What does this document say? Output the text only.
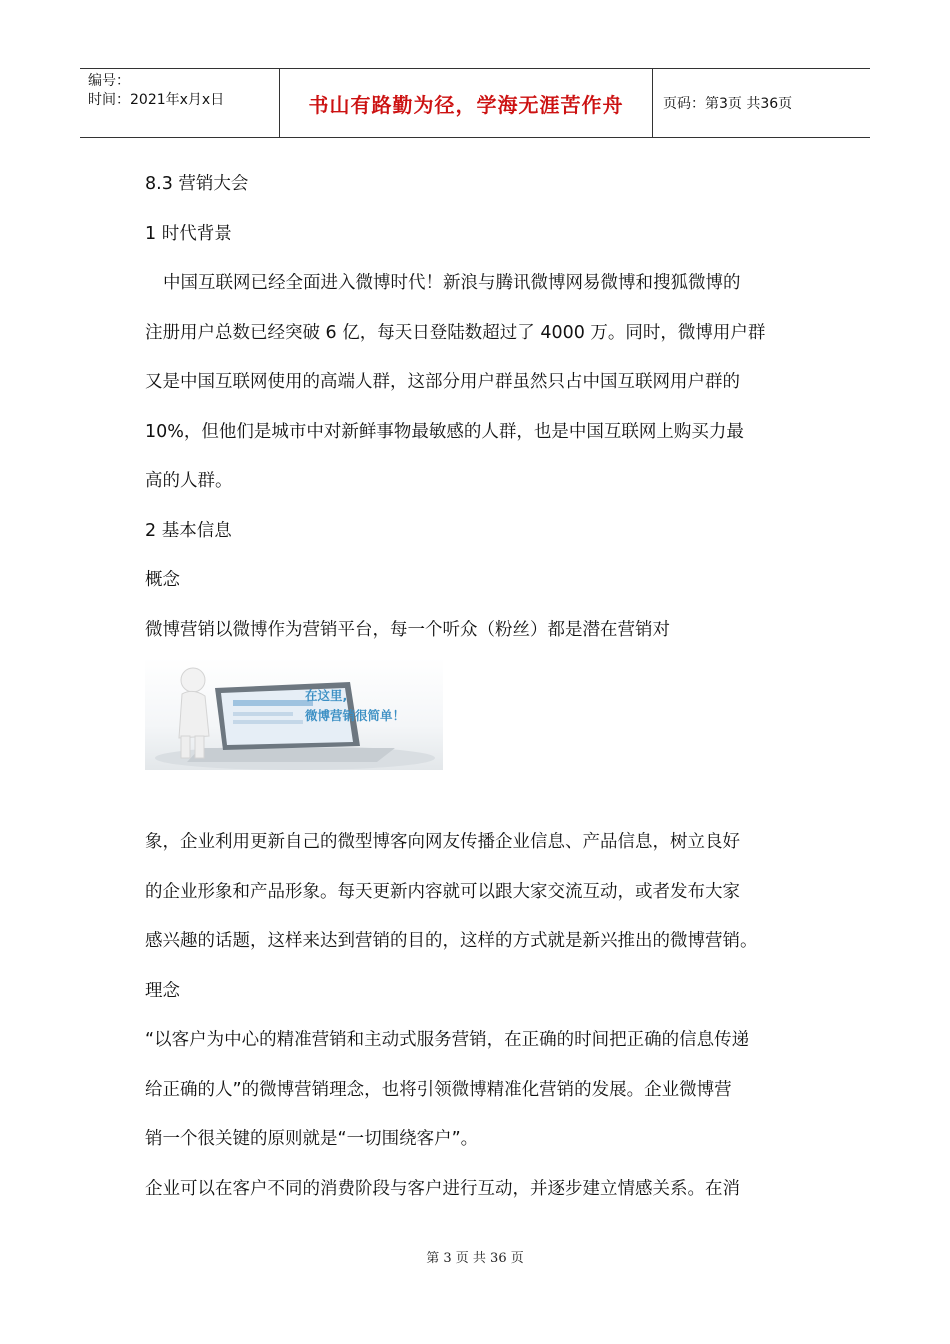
编号：
时间：2021年x月x日	书山有路勤为径，学海无涯苦作舟	页码：第3页 共36页
8.3 营销大会
1 时代背景
中国互联网已经全面进入微博时代！新浪与腾讯微博网易微博和搜狐微博的
注册用户总数已经突破 6 亿，每天日登陆数超过了 4000 万。同时，微博用户群
又是中国互联网使用的高端人群，这部分用户群虽然只占中国互联网用户群的
10%，但他们是城市中对新鲜事物最敏感的人群，也是中国互联网上购买力最
高的人群。
2 基本信息
概念
微博营销以微博作为营销平台，每一个听众（粉丝）都是潜在营销对
在这里,
微博营销很简单！
象，企业利用更新自己的微型博客向网友传播企业信息、产品信息，树立良好
的企业形象和产品形象。每天更新内容就可以跟大家交流互动，或者发布大家
感兴趣的话题，这样来达到营销的目的，这样的方式就是新兴推出的微博营销。
理念
“以客户为中心的精准营销和主动式服务营销，在正确的时间把正确的信息传递
给正确的人”的微博营销理念，也将引领微博精准化营销的发展。企业微博营
销一个很关键的原则就是“一切围绕客户”。
企业可以在客户不同的消费阶段与客户进行互动，并逐步建立情感关系。在消
第 3 页 共 36 页
